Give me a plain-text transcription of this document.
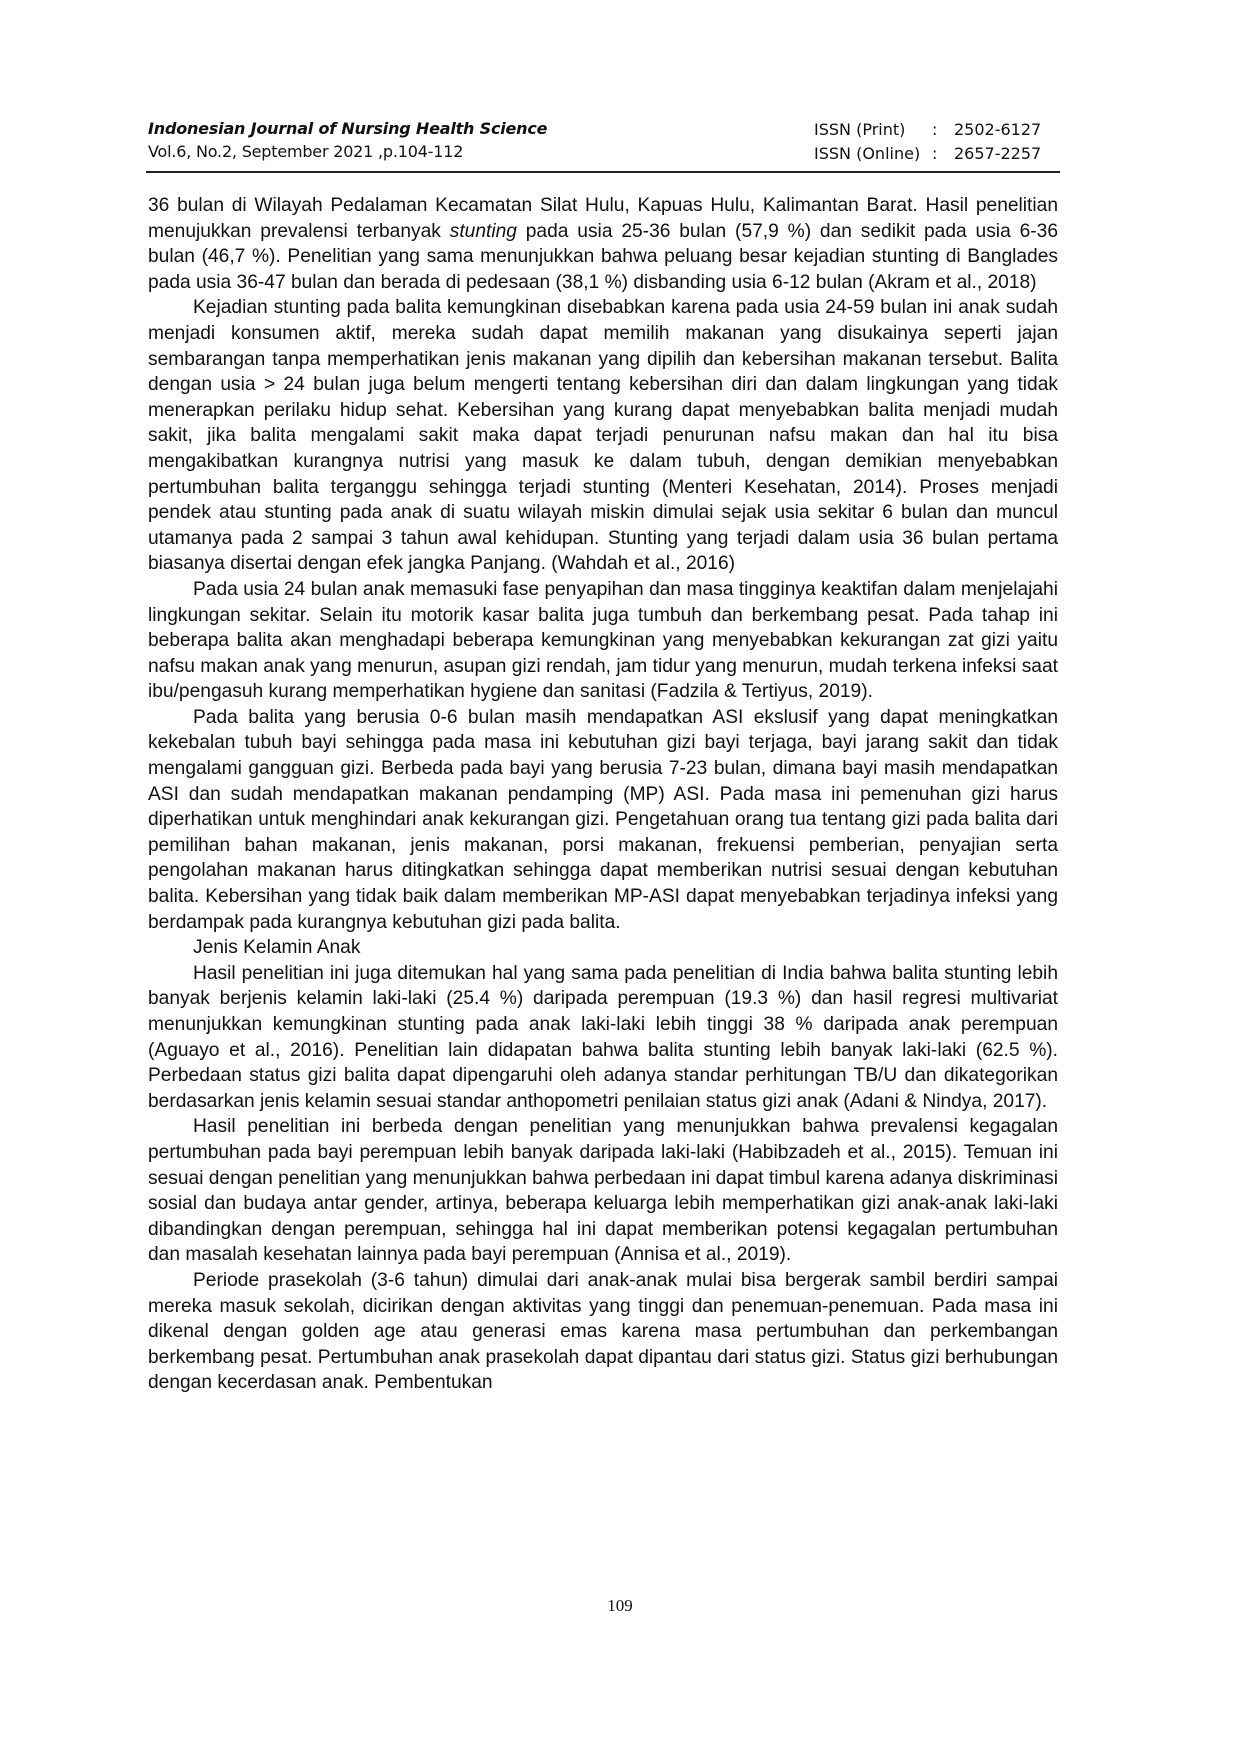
Indonesian Journal of Nursing Health Science
Vol.6, No.2, September 2021 ,p.104-112
ISSN (Print)	:	2502-6127
ISSN (Online) :	2657-2257

36 bulan di Wilayah Pedalaman Kecamatan Silat Hulu, Kapuas Hulu, Kalimantan Barat. Hasil penelitian menujukkan prevalensi terbanyak stunting pada usia 25-36 bulan (57,9 %) dan sedikit pada usia 6-36 bulan (46,7 %). Penelitian yang sama menunjukkan bahwa peluang besar kejadian stunting di Banglades pada usia 36-47 bulan dan berada di pedesaan (38,1 %) disbanding usia 6-12 bulan (Akram et al., 2018)

Kejadian stunting pada balita kemungkinan disebabkan karena pada usia 24-59 bulan ini anak sudah menjadi konsumen aktif, mereka sudah dapat memilih makanan yang disukainya seperti jajan sembarangan tanpa memperhatikan jenis makanan yang dipilih dan kebersihan makanan tersebut. Balita dengan usia > 24 bulan juga belum mengerti tentang kebersihan diri dan dalam lingkungan yang tidak menerapkan perilaku hidup sehat. Kebersihan yang kurang dapat menyebabkan balita menjadi mudah sakit, jika balita mengalami sakit maka dapat terjadi penurunan nafsu makan dan hal itu bisa mengakibatkan kurangnya nutrisi yang masuk ke dalam tubuh, dengan demikian menyebabkan pertumbuhan balita terganggu sehingga terjadi stunting (Menteri Kesehatan, 2014). Proses menjadi pendek atau stunting pada anak di suatu wilayah miskin dimulai sejak usia sekitar 6 bulan dan muncul utamanya pada 2 sampai 3 tahun awal kehidupan. Stunting yang terjadi dalam usia 36 bulan pertama biasanya disertai dengan efek jangka Panjang. (Wahdah et al., 2016)

Pada usia 24 bulan anak memasuki fase penyapihan dan masa tingginya keaktifan dalam menjelajahi lingkungan sekitar. Selain itu motorik kasar balita juga tumbuh dan berkembang pesat. Pada tahap ini beberapa balita akan menghadapi beberapa kemungkinan yang menyebabkan kekurangan zat gizi yaitu nafsu makan anak yang menurun, asupan gizi rendah, jam tidur yang menurun, mudah terkena infeksi saat ibu/pengasuh kurang memperhatikan hygiene dan sanitasi (Fadzila & Tertiyus, 2019).

Pada balita yang berusia 0-6 bulan masih mendapatkan ASI ekslusif yang dapat meningkatkan kekebalan tubuh bayi sehingga pada masa ini kebutuhan gizi bayi terjaga, bayi jarang sakit dan tidak mengalami gangguan gizi. Berbeda pada bayi yang berusia 7-23 bulan, dimana bayi masih mendapatkan ASI dan sudah mendapatkan makanan pendamping (MP) ASI. Pada masa ini pemenuhan gizi harus diperhatikan untuk menghindari anak kekurangan gizi. Pengetahuan orang tua tentang gizi pada balita dari pemilihan bahan makanan, jenis makanan, porsi makanan, frekuensi pemberian, penyajian serta pengolahan makanan harus ditingkatkan sehingga dapat memberikan nutrisi sesuai dengan kebutuhan balita. Kebersihan yang tidak baik dalam memberikan MP-ASI dapat menyebabkan terjadinya infeksi yang berdampak pada kurangnya kebutuhan gizi pada balita.

Jenis Kelamin Anak

Hasil penelitian ini juga ditemukan hal yang sama pada penelitian di India bahwa balita stunting lebih banyak berjenis kelamin laki-laki (25.4 %) daripada perempuan (19.3 %) dan hasil regresi multivariat menunjukkan kemungkinan stunting pada anak laki-laki lebih tinggi 38 % daripada anak perempuan (Aguayo et al., 2016). Penelitian lain didapatan bahwa balita stunting lebih banyak laki-laki (62.5 %). Perbedaan status gizi balita dapat dipengaruhi oleh adanya standar perhitungan TB/U dan dikategorikan berdasarkan jenis kelamin sesuai standar anthopometri penilaian status gizi anak (Adani & Nindya, 2017).

Hasil penelitian ini berbeda dengan penelitian yang menunjukkan bahwa prevalensi kegagalan pertumbuhan pada bayi perempuan lebih banyak daripada laki-laki (Habibzadeh et al., 2015). Temuan ini sesuai dengan penelitian yang menunjukkan bahwa perbedaan ini dapat timbul karena adanya diskriminasi sosial dan budaya antar gender, artinya, beberapa keluarga lebih memperhatikan gizi anak-anak laki-laki dibandingkan dengan perempuan, sehingga hal ini dapat memberikan potensi kegagalan pertumbuhan dan masalah kesehatan lainnya pada bayi perempuan (Annisa et al., 2019).

Periode prasekolah (3-6 tahun) dimulai dari anak-anak mulai bisa bergerak sambil berdiri sampai mereka masuk sekolah, dicirikan dengan aktivitas yang tinggi dan penemuan-penemuan. Pada masa ini dikenal dengan golden age atau generasi emas karena masa pertumbuhan dan perkembangan berkembang pesat. Pertumbuhan anak prasekolah dapat dipantau dari status gizi. Status gizi berhubungan dengan kecerdasan anak. Pembentukan

109
